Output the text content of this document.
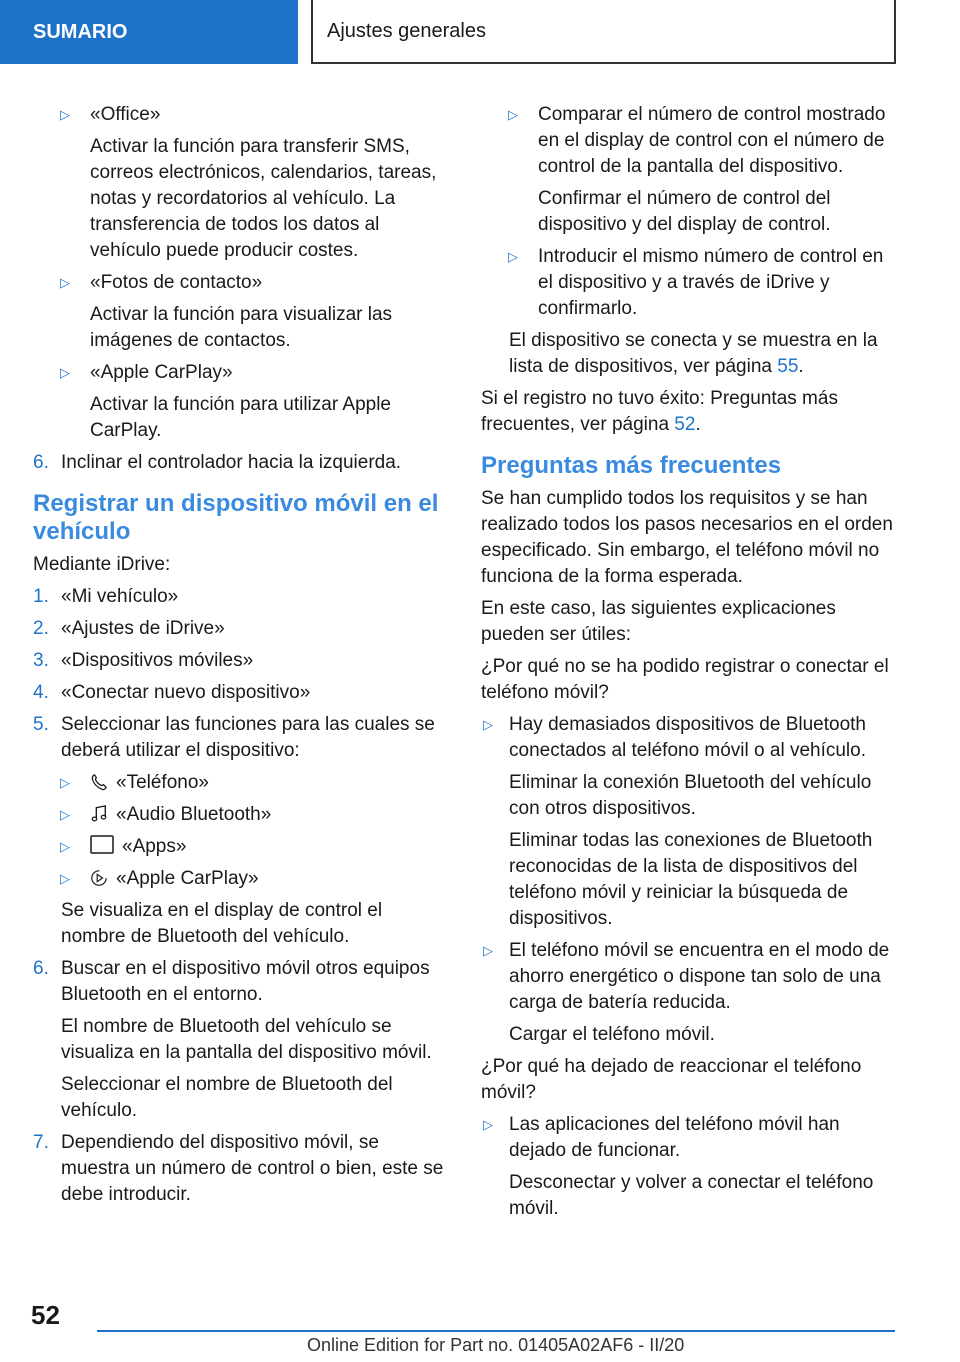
SUMARIO	Ajustes generales
▷ «Office»

Activar la función para transferir SMS, correos electrónicos, calendarios, tareas, notas y recordatorios al vehículo. La transferencia de todos los datos al vehículo puede producir costes.

▷ «Fotos de contacto»

Activar la función para visualizar las imágenes de contactos.

▷ «Apple CarPlay»

Activar la función para utilizar Apple CarPlay.

6. Inclinar el controlador hacia la izquierda.

Registrar un dispositivo móvil en el vehículo

Mediante iDrive:

1. «Mi vehículo»

2. «Ajustes de iDrive»

3. «Dispositivos móviles»

4. «Conectar nuevo dispositivo»

5. Seleccionar las funciones para las cuales se deberá utilizar el dispositivo:

▷	«Teléfono»

▷	«Audio Bluetooth»

▷	«Apps»

▷	«Apple CarPlay»

Se visualiza en el display de control el nombre de Bluetooth del vehículo.

6. Buscar en el dispositivo móvil otros equipos Bluetooth en el entorno.

El nombre de Bluetooth del vehículo se visualiza en la pantalla del dispositivo móvil.

Seleccionar el nombre de Bluetooth del vehículo.

7. Dependiendo del dispositivo móvil, se muestra un número de control o bien, este se debe introducir.

▷ Comparar el número de control mostrado en el display de control con el número de control de la pantalla del dispositivo.

Confirmar el número de control del dispositivo y del display de control.

▷ Introducir el mismo número de control en el dispositivo y a través de iDrive y confirmarlo.

El dispositivo se conecta y se muestra en la lista de dispositivos, ver página 55.

Si el registro no tuvo éxito: Preguntas más frecuentes, ver página 52.

Preguntas más frecuentes

Se han cumplido todos los requisitos y se han realizado todos los pasos necesarios en el orden especificado. Sin embargo, el teléfono móvil no funciona de la forma esperada.

En este caso, las siguientes explicaciones pueden ser útiles:

¿Por qué no se ha podido registrar o conectar el teléfono móvil?

▷ Hay demasiados dispositivos de Bluetooth conectados al teléfono móvil o al vehículo.

Eliminar la conexión Bluetooth del vehículo con otros dispositivos.

Eliminar todas las conexiones de Bluetooth reconocidas de la lista de dispositivos del teléfono móvil y reiniciar la búsqueda de dispositivos.

▷ El teléfono móvil se encuentra en el modo de ahorro energético o dispone tan solo de una carga de batería reducida.

Cargar el teléfono móvil.

¿Por qué ha dejado de reaccionar el teléfono móvil?

▷ Las aplicaciones del teléfono móvil han dejado de funcionar.

Desconectar y volver a conectar el teléfono móvil.

52
Online Edition for Part no. 01405A02AF6 - II/20
